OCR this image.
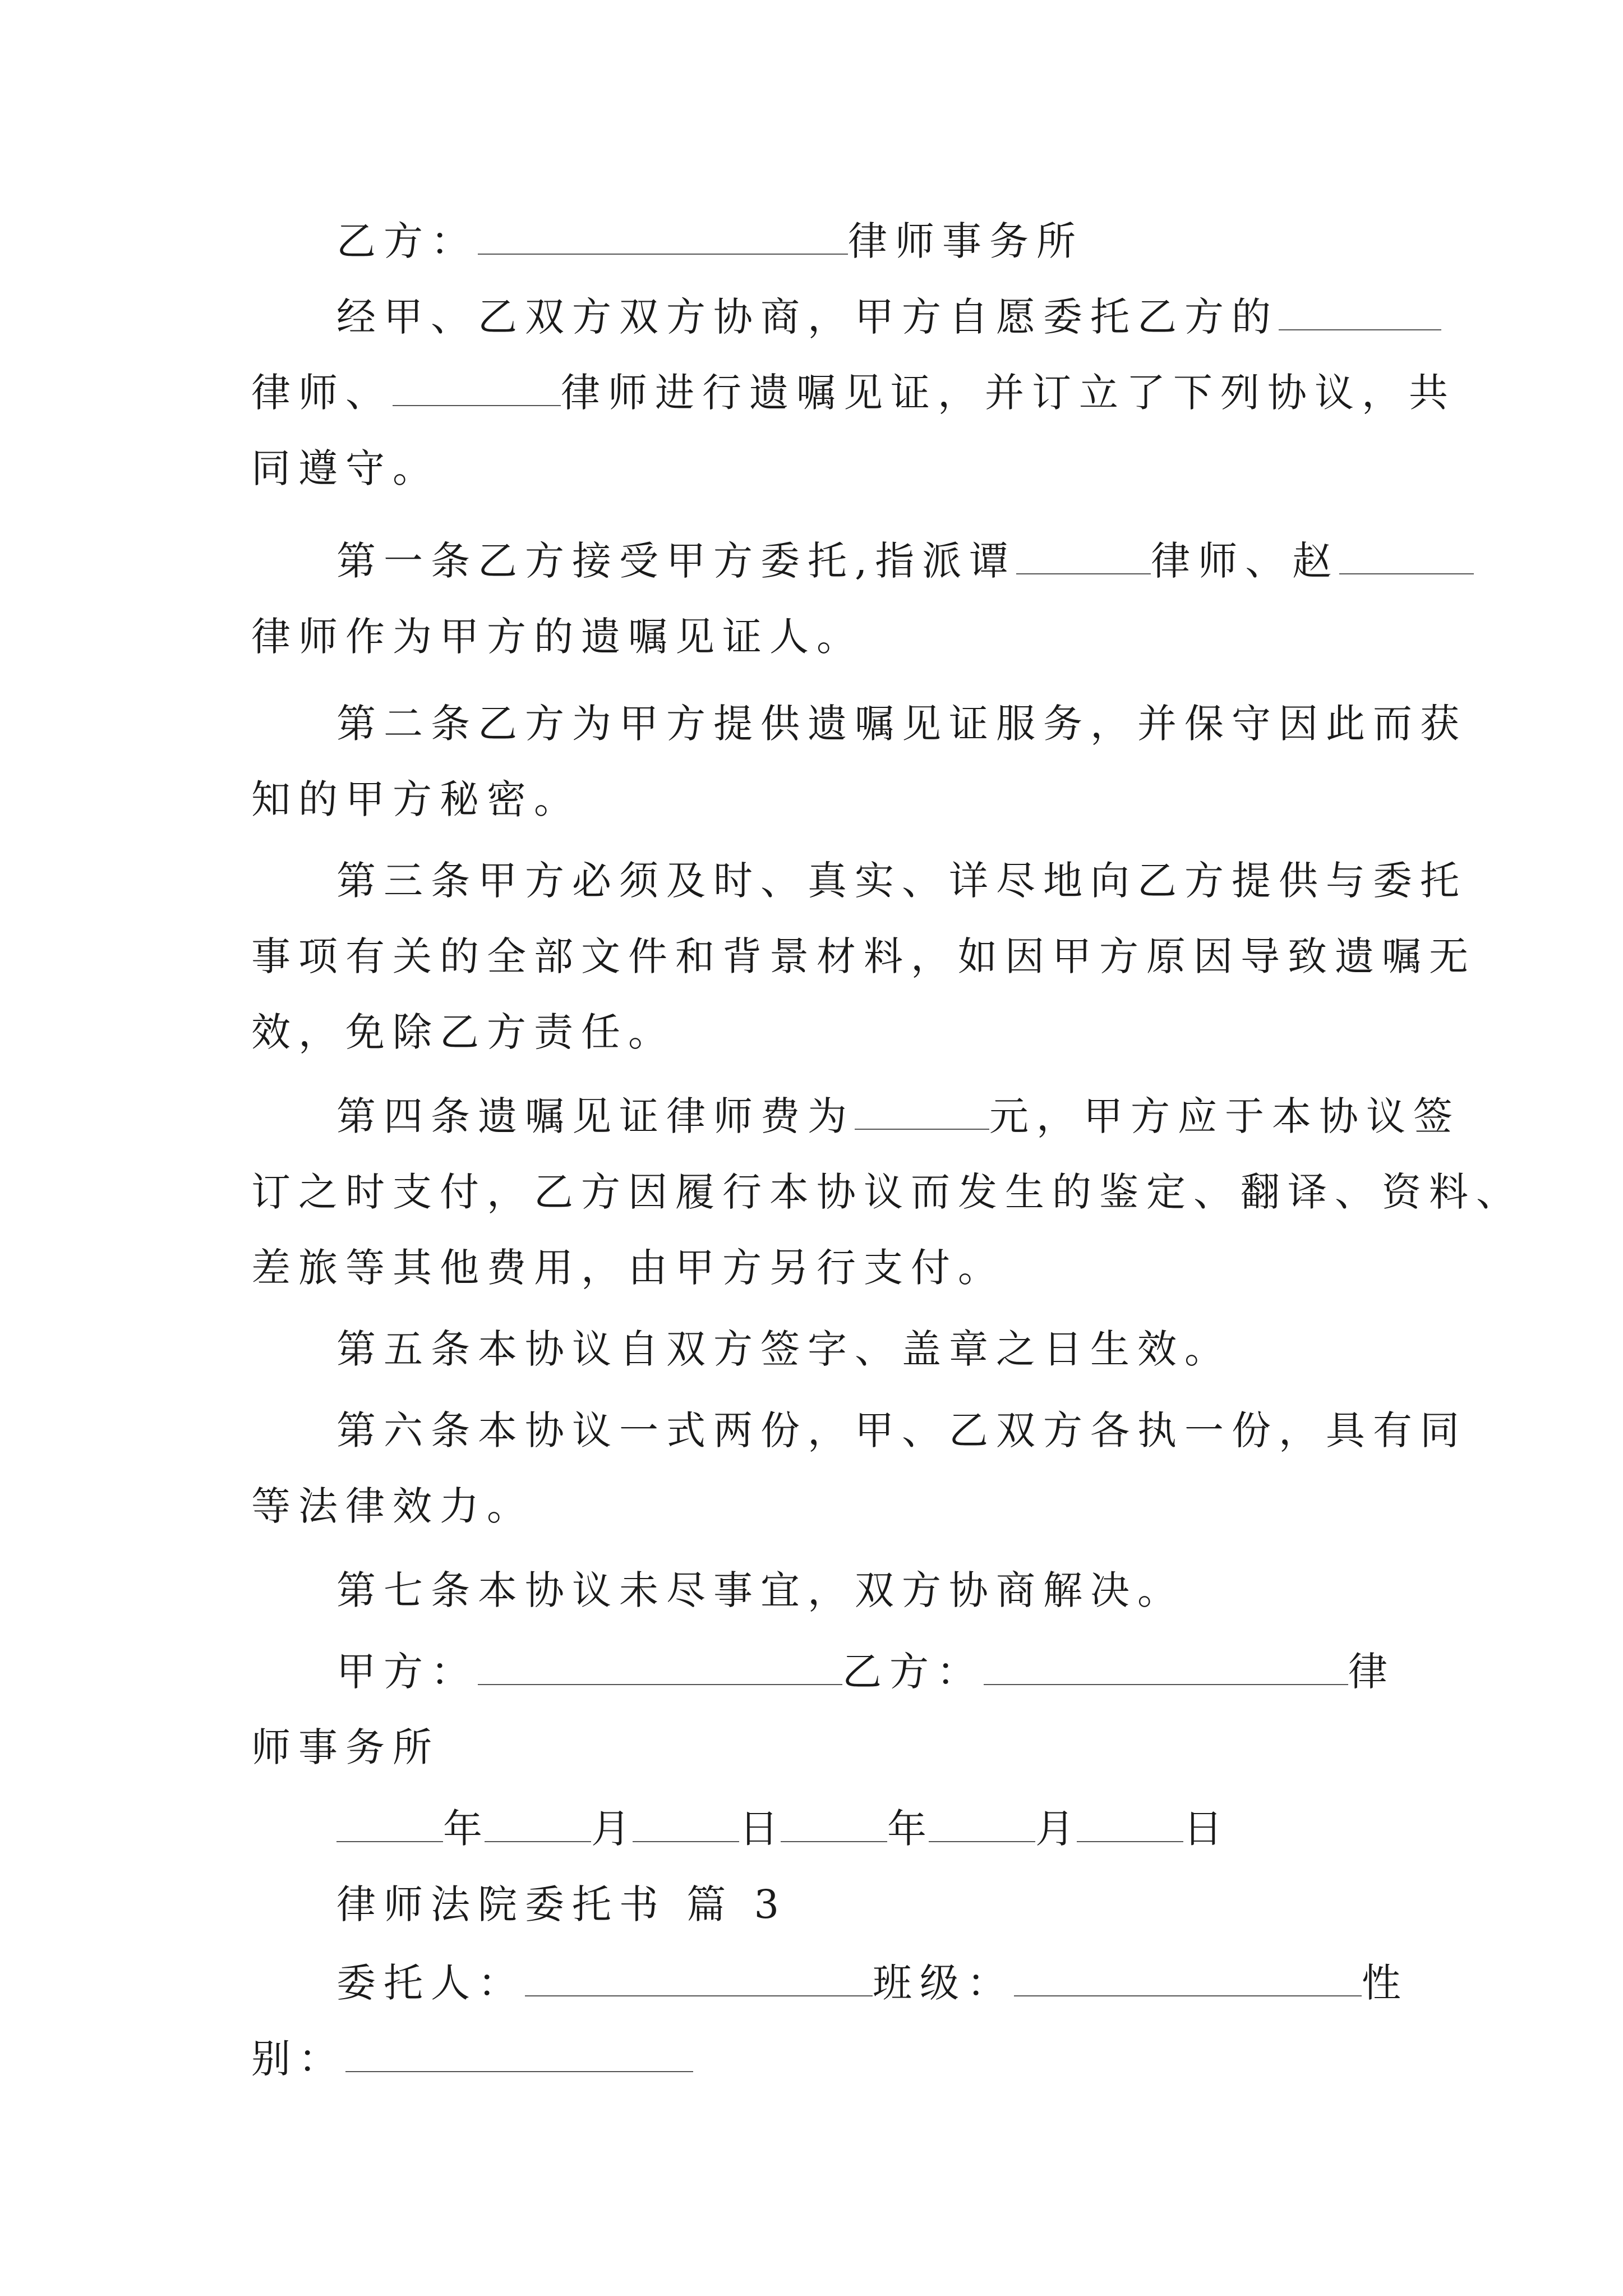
乙方：	律师事务所
经甲、乙双方双方协商，甲方自愿委托乙方的
律师、	律师进行遗嘱见证，并订立了下列协议，共
同遵守。
第一条乙方接受甲方委托,指派谭	律师、赵
律师作为甲方的遗嘱见证人。
第二条乙方为甲方提供遗嘱见证服务，并保守因此而获
知的甲方秘密。
第三条甲方必须及时、真实、详尽地向乙方提供与委托
事项有关的全部文件和背景材料，如因甲方原因导致遗嘱无
效，免除乙方责任。
第四条遗嘱见证律师费为	元，甲方应于本协议签
订之时支付，乙方因履行本协议而发生的鉴定、翻译、资料、
差旅等其他费用，由甲方另行支付。
第五条本协议自双方签字、盖章之日生效。
第六条本协议一式两份，甲、乙双方各执一份，具有同
等法律效力。
第七条本协议未尽事宜，双方协商解决。
甲方：	乙方：	律
师事务所
年	月	日	年	月	日
律师法院委托书 篇 3
委托人：	班级：	性
别：
